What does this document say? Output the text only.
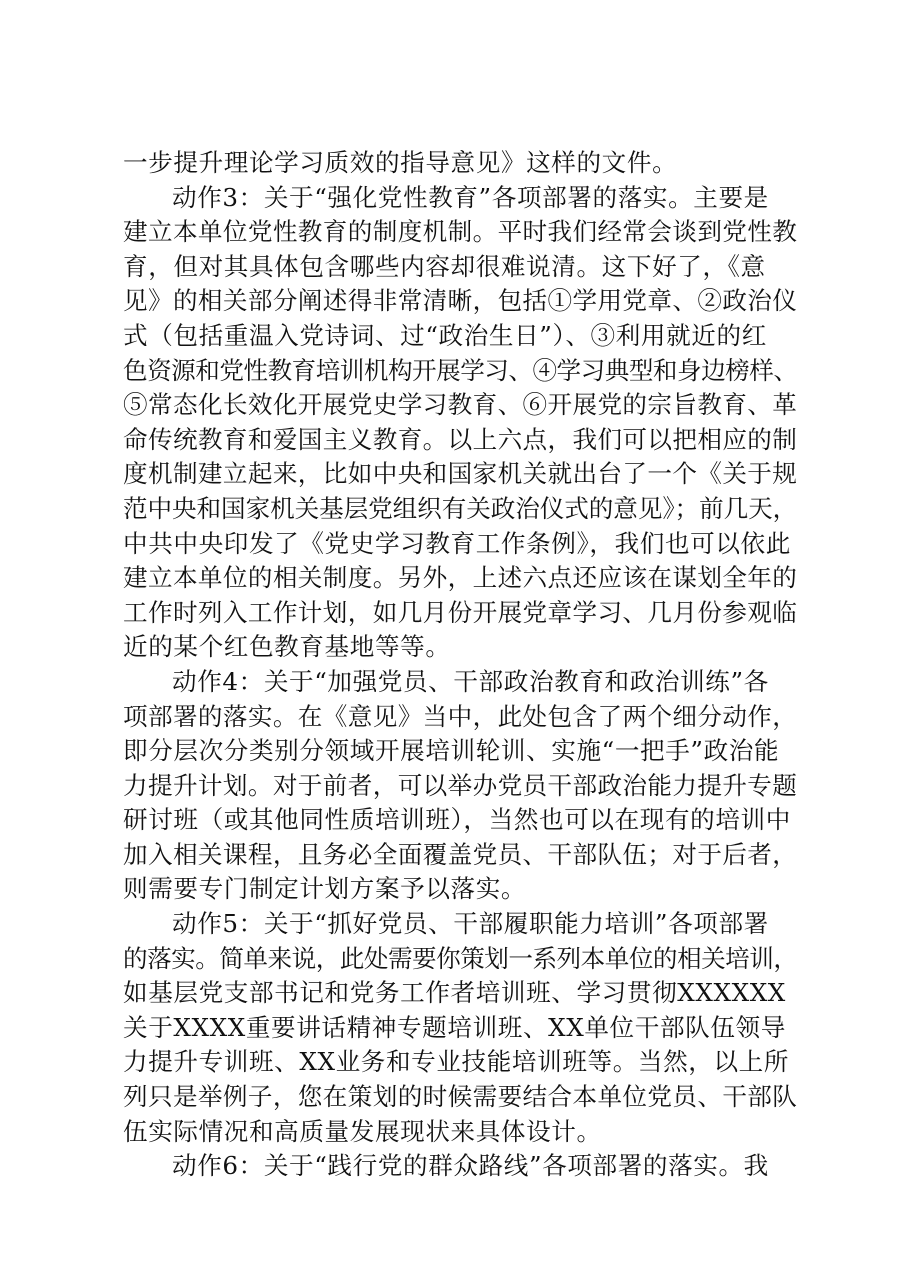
一步提升理论学习质效的指导意见》这样的文件。
动作3：关于“强化党性教育”各项部署的落实。主要是
建立本单位党性教育的制度机制。平时我们经常会谈到党性教
育，但对其具体包含哪些内容却很难说清。这下好了，《意
见》的相关部分阐述得非常清晰，包括①学用党章、②政治仪
式（包括重温入党诗词、过“政治生日”）、③利用就近的红
色资源和党性教育培训机构开展学习、④学习典型和身边榜样、
⑤常态化长效化开展党史学习教育、⑥开展党的宗旨教育、革
命传统教育和爱国主义教育。以上六点，我们可以把相应的制
度机制建立起来，比如中央和国家机关就出台了一个《关于规
范中央和国家机关基层党组织有关政治仪式的意见》；前几天，
中共中央印发了《党史学习教育工作条例》，我们也可以依此
建立本单位的相关制度。另外，上述六点还应该在谋划全年的
工作时列入工作计划，如几月份开展党章学习、几月份参观临
近的某个红色教育基地等等。
动作4：关于“加强党员、干部政治教育和政治训练”各
项部署的落实。在《意见》当中，此处包含了两个细分动作，
即分层次分类别分领域开展培训轮训、实施“一把手”政治能
力提升计划。对于前者，可以举办党员干部政治能力提升专题
研讨班（或其他同性质培训班），当然也可以在现有的培训中
加入相关课程，且务必全面覆盖党员、干部队伍；对于后者，
则需要专门制定计划方案予以落实。
动作5：关于“抓好党员、干部履职能力培训”各项部署
的落实。简单来说，此处需要你策划一系列本单位的相关培训，
如基层党支部书记和党务工作者培训班、学习贯彻XXXXXX
关于XXXX重要讲话精神专题培训班、XX单位干部队伍领导
力提升专训班、XX业务和专业技能培训班等。当然，以上所
列只是举例子，您在策划的时候需要结合本单位党员、干部队
伍实际情况和高质量发展现状来具体设计。
动作6：关于“践行党的群众路线”各项部署的落实。我
